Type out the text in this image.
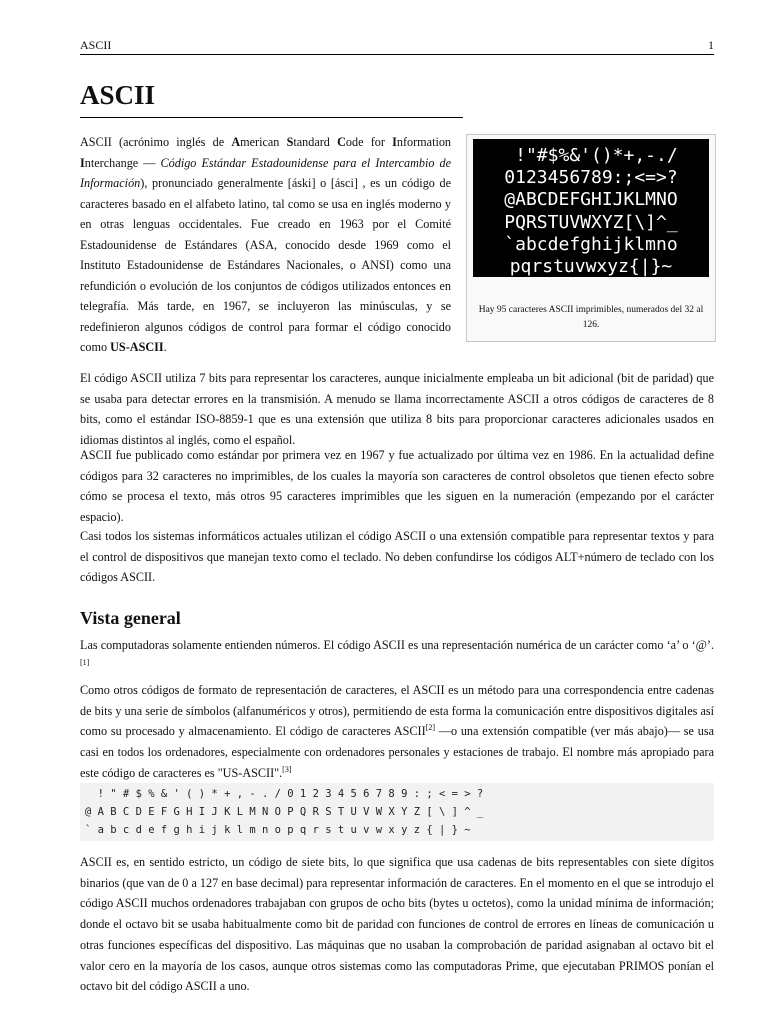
ASCII	1
ASCII

ASCII (acrónimo inglés de American Standard Code for Information Interchange — Código Estándar Estadounidense para el Intercambio de Información), pronunciado generalmente [áski] o [ásci] , es un código de caracteres basado en el alfabeto latino, tal como se usa en inglés moderno y en otras lenguas occidentales. Fue creado en 1963 por el Comité Estadounidense de Estándares (ASA, conocido desde 1969 como el Instituto Estadounidense de Estándares Nacionales, o ANSI) como una refundición o evolución de los conjuntos de códigos utilizados entonces en telegrafía. Más tarde, en 1967, se incluyeron las minúsculas, y se redefinieron algunos códigos de control para formar el código conocido como US-ASCII.

!"#$%&'()*+,-./
0123456789:;<=>?
@ABCDEFGHIJKLMNO
PQRSTUVWXYZ[\]^_
`abcdefghijklmno
pqrstuvwxyz{|}~

Hay 95 caracteres ASCII imprimibles, numerados del 32 al 126.

El código ASCII utiliza 7 bits para representar los caracteres, aunque inicialmente empleaba un bit adicional (bit de paridad) que se usaba para detectar errores en la transmisión. A menudo se llama incorrectamente ASCII a otros códigos de caracteres de 8 bits, como el estándar ISO-8859-1 que es una extensión que utiliza 8 bits para proporcionar caracteres adicionales usados en idiomas distintos al inglés, como el español.

ASCII fue publicado como estándar por primera vez en 1967 y fue actualizado por última vez en 1986. En la actualidad define códigos para 32 caracteres no imprimibles, de los cuales la mayoría son caracteres de control obsoletos que tienen efecto sobre cómo se procesa el texto, más otros 95 caracteres imprimibles que les siguen en la numeración (empezando por el carácter espacio).

Casi todos los sistemas informáticos actuales utilizan el código ASCII o una extensión compatible para representar textos y para el control de dispositivos que manejan texto como el teclado. No deben confundirse los códigos ALT+número de teclado con los códigos ASCII.

Vista general

Las computadoras solamente entienden números. El código ASCII es una representación numérica de un carácter como ‘a’ o ‘@’.[1]

Como otros códigos de formato de representación de caracteres, el ASCII es un método para una correspondencia entre cadenas de bits y una serie de símbolos (alfanuméricos y otros), permitiendo de esta forma la comunicación entre dispositivos digitales así como su procesado y almacenamiento. El código de caracteres ASCII[2] —o una extensión compatible (ver más abajo)— se usa casi en todos los ordenadores, especialmente con ordenadores personales y estaciones de trabajo. El nombre más apropiado para este código de caracteres es "US-ASCII".[3]

! " # $ % & ' ( ) * + , - . / 0 1 2 3 4 5 6 7 8 9 : ; < = > ?
@ A B C D E F G H I J K L M N O P Q R S T U V W X Y Z [ \ ] ^ _
` a b c d e f g h i j k l m n o p q r s t u v w x y z { | } ~

ASCII es, en sentido estricto, un código de siete bits, lo que significa que usa cadenas de bits representables con siete dígitos binarios (que van de 0 a 127 en base decimal) para representar información de caracteres. En el momento en el que se introdujo el código ASCII muchos ordenadores trabajaban con grupos de ocho bits (bytes u octetos), como la unidad mínima de información; donde el octavo bit se usaba habitualmente como bit de paridad con funciones de control de errores en líneas de comunicación u otras funciones específicas del dispositivo. Las máquinas que no usaban la comprobación de paridad asignaban al octavo bit el valor cero en la mayoría de los casos, aunque otros sistemas como las computadoras Prime, que ejecutaban PRIMOS ponían el octavo bit del código ASCII a uno.
